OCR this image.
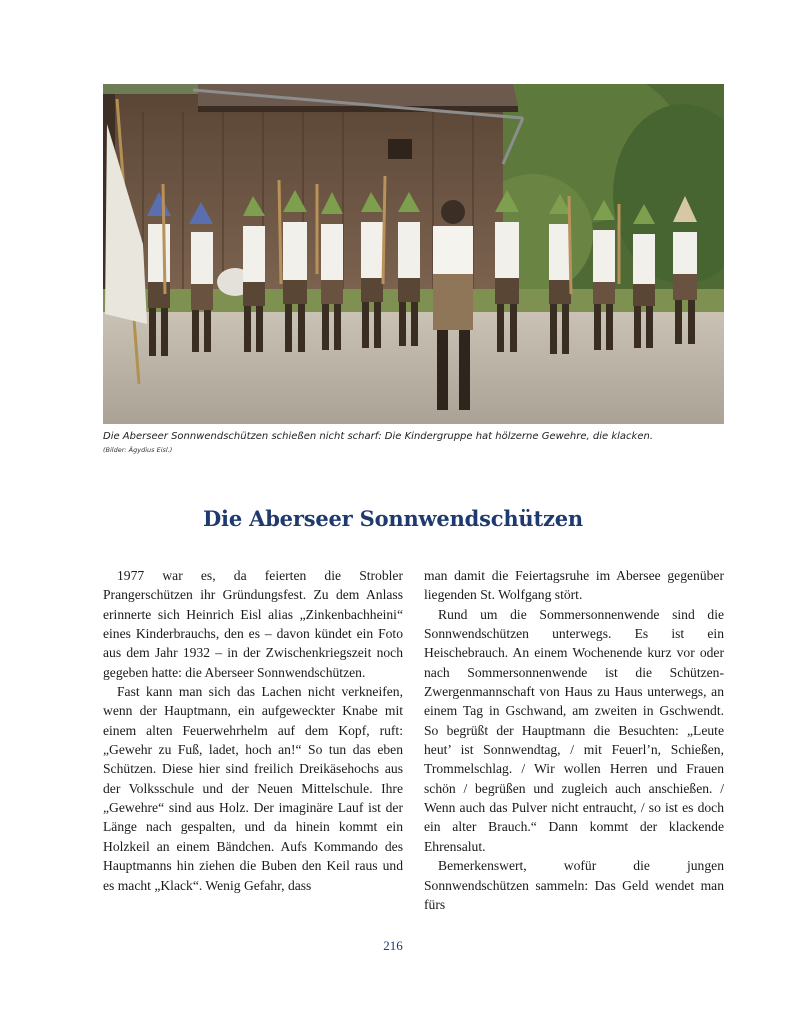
Die Aberseer Sonnwendschützen schießen nicht scharf: Die Kindergruppe hat hölzerne Gewehre, die klacken.
(Bilder: Ägydius Eisl.)
Die Aberseer Sonnwendschützen

1977 war es, da feierten die Strobler Prangerschützen ihr Gründungsfest. Zu dem Anlass erinnerte sich Heinrich Eisl alias „Zinkenbachheini“ eines Kinderbrauchs, den es – davon kündet ein Foto aus dem Jahr 1932 – in der Zwischenkriegszeit noch gegeben hatte: die Aberseer Sonnwendschützen.

Fast kann man sich das Lachen nicht verkneifen, wenn der Hauptmann, ein aufgeweckter Knabe mit einem alten Feuerwehrhelm auf dem Kopf, ruft: „Gewehr zu Fuß, ladet, hoch an!“ So tun das eben Schützen. Diese hier sind freilich Dreikäsehochs aus der Volksschule und der Neuen Mittelschule. Ihre „Gewehre“ sind aus Holz. Der imaginäre Lauf ist der Länge nach gespalten, und da hinein kommt ein Holzkeil an einem Bändchen. Aufs Kommando des Hauptmanns hin ziehen die Buben den Keil raus und es macht „Klack“. Wenig Gefahr, dass

man damit die Feiertagsruhe im Abersee gegenüber liegenden St. Wolfgang stört.

Rund um die Sommersonnenwende sind die Sonnwendschützen unterwegs. Es ist ein Heischebrauch. An einem Wochenende kurz vor oder nach Sommersonnenwende ist die Schützen-Zwergenmannschaft von Haus zu Haus unterwegs, an einem Tag in Gschwand, am zweiten in Gschwendt. So begrüßt der Hauptmann die Besuchten: „Leute heut’ ist Sonnwendtag, / mit Feuerl’n, Schießen, Trommelschlag. / Wir wollen Herren und Frauen schön / begrüßen und zugleich auch anschießen. / Wenn auch das Pulver nicht entraucht, / so ist es doch ein alter Brauch.“ Dann kommt der klackende Ehrensalut.

Bemerkenswert, wofür die jungen Sonnwendschützen sammeln: Das Geld wendet man fürs

216
